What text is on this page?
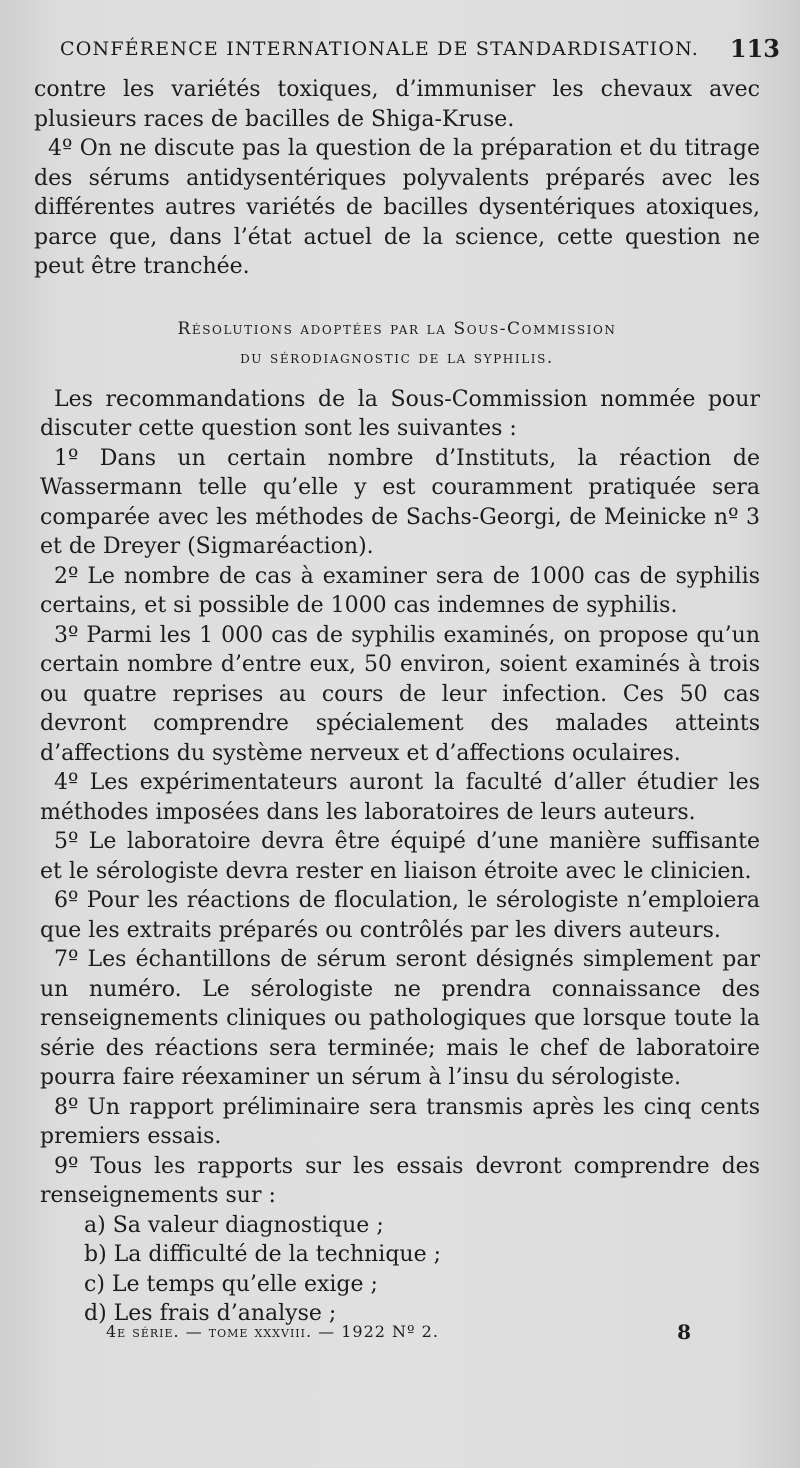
CONFÉRENCE INTERNATIONALE DE STANDARDISATION. 113

contre les variétés toxiques, d’immuniser les chevaux avec plusieurs races de bacilles de Shiga-Kruse.

4º On ne discute pas la question de la préparation et du titrage des sérums antidysentériques polyvalents préparés avec les différentes autres variétés de bacilles dysentériques atoxiques, parce que, dans l’état actuel de la science, cette question ne peut être tranchée.

Résolutions adoptées par la Sous-Commission

du sérodiagnostic de la syphilis.

Les recommandations de la Sous-Commission nommée pour discuter cette question sont les suivantes :

1º Dans un certain nombre d’Instituts, la réaction de Wassermann telle qu’elle y est couramment pratiquée sera comparée avec les méthodes de Sachs-Georgi, de Meinicke nº 3 et de Dreyer (Sigmaréaction).

2º Le nombre de cas à examiner sera de 1000 cas de syphilis certains, et si possible de 1000 cas indemnes de syphilis.

3º Parmi les 1 000 cas de syphilis examinés, on propose qu’un certain nombre d’entre eux, 50 environ, soient examinés à trois ou quatre reprises au cours de leur infection. Ces 50 cas devront comprendre spécialement des malades atteints d’affections du système nerveux et d’affections oculaires.

4º Les expérimentateurs auront la faculté d’aller étudier les méthodes imposées dans les laboratoires de leurs auteurs.

5º Le laboratoire devra être équipé d’une manière suffisante et le sérologiste devra rester en liaison étroite avec le clinicien.

6º Pour les réactions de floculation, le sérologiste n’emploiera que les extraits préparés ou contrôlés par les divers auteurs.

7º Les échantillons de sérum seront désignés simplement par un numéro. Le sérologiste ne prendra connaissance des renseignements cliniques ou pathologiques que lorsque toute la série des réactions sera terminée; mais le chef de laboratoire pourra faire réexaminer un sérum à l’insu du sérologiste.

8º Un rapport préliminaire sera transmis après les cinq cents premiers essais.

9º Tous les rapports sur les essais devront comprendre des renseignements sur :

a) Sa valeur diagnostique ;
b) La difficulté de la technique ;
c) Le temps qu’elle exige ;
d) Les frais d’analyse ;
4e série. — tome xxxviii. — 1922 Nº 2.	8
